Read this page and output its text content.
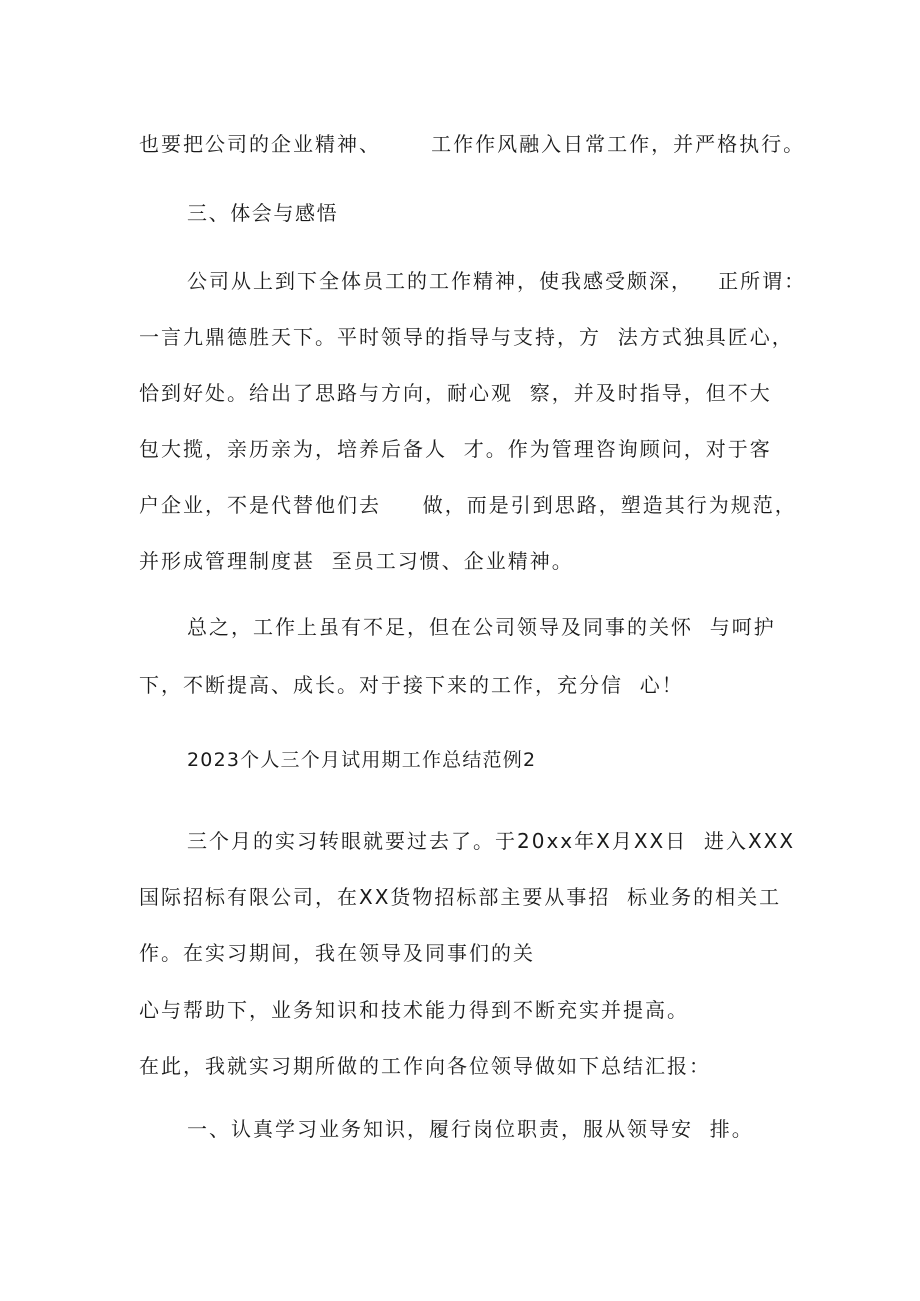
也要把公司的企业精神、      工作作风融入日常工作，并严格执行。
三、体会与感悟
公司从上到下全体员工的工作精神，使我感受颇深，   正所谓：
一言九鼎德胜天下。平时领导的指导与支持，方  法方式独具匠心，
恰到好处。给出了思路与方向，耐心观  察，并及时指导，但不大
包大揽，亲历亲为，培养后备人  才。作为管理咨询顾问，对于客
户企业，不是代替他们去     做，而是引到思路，塑造其行为规范，
并形成管理制度甚  至员工习惯、企业精神。
总之，工作上虽有不足，但在公司领导及同事的关怀  与呵护
下，不断提高、成长。对于接下来的工作，充分信  心！
2023个人三个月试用期工作总结范例2
三个月的实习转眼就要过去了。于20xx年X月XX日  进入XXX
国际招标有限公司，在XX货物招标部主要从事招  标业务的相关工
作。在实习期间，我在领导及同事们的关
心与帮助下，业务知识和技术能力得到不断充实并提高。
在此，我就实习期所做的工作向各位领导做如下总结汇报：
一、认真学习业务知识，履行岗位职责，服从领导安  排。
